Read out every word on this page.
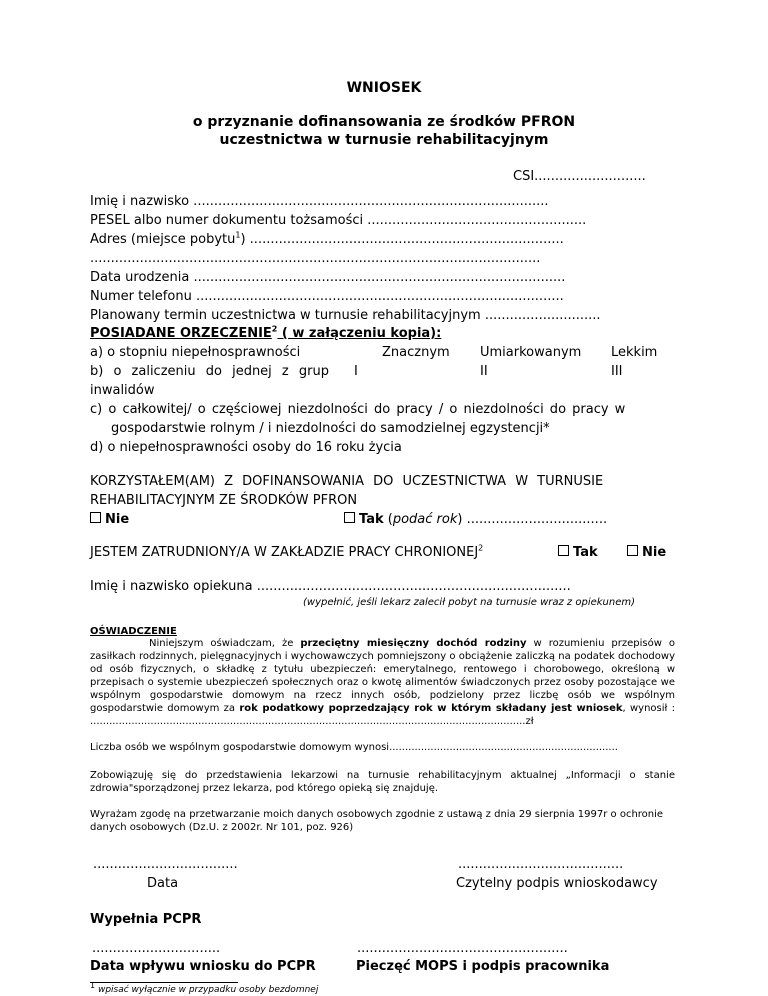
WNIOSEK
o przyznanie dofinansowania ze środków PFRON
uczestnictwa w turnusie rehabilitacyjnym
CSI...........................
Imię i nazwisko ......................................................................................
PESEL albo numer dokumentu tożsamości .....................................................
Adres (miejsce pobytu$^1$) ............................................................................
.............................................................................................................
Data urodzenia ..........................................................................................
Numer telefonu .........................................................................................
Planowany termin uczestnictwa w turnusie rehabilitacyjnym ............................
POSIADANE ORZECZENIE$^2$ ( w załączeniu kopia):
a) o stopniu niepełnosprawności	Znacznym Umiarkowanym Lekkim
b) o zaliczeniu do jednej z grup I	II	III
inwalidów
c) o całkowitej/ o częściowej niezdolności do pracy / o niezdolności do pracy w
gospodarstwie rolnym / i niezdolności do samodzielnej egzystencji*
d) o niepełnosprawności osoby do 16 roku życia
KORZYSTAŁEM(AM) Z DOFINANSOWANIA DO UCZESTNICTWA W TURNUSIE
REHABILITACYJNYM ZE ŚRODKÓW PFRON
Nie	Tak (podać rok) ..................................
JESTEM ZATRUDNIONY/A W ZAKŁADZIE PRACY CHRONIONEJ$^2$	Tak	Nie
Imię i nazwisko opiekuna ............................................................................
(wypełnić, jeśli lekarz zalecił pobyt na turnusie wraz z opiekunem)
OŚWIADCZENIE
Niniejszym oświadczam, że przeciętny miesięczny dochód rodziny w rozumieniu przepisów o zasiłkach rodzinnych, pielęgnacyjnych i wychowawczych pomniejszony o obciążenie zaliczką na podatek dochodowy od osób fizycznych, o składkę z tytułu ubezpieczeń: emerytalnego, rentowego i chorobowego, określoną w przepisach o systemie ubezpieczeń społecznych oraz o kwotę alimentów świadczonych przez osoby pozostające we wspólnym gospodarstwie domowym na rzecz innych osób, podzielony przez liczbę osób we wspólnym gospodarstwie domowym za rok podatkowy poprzedzający rok w którym składany jest wniosek, wynosił : .........................................................................................................................................zł
Liczba osób we wspólnym gospodarstwie domowym wynosi........................................................................
Zobowiązuję się do przedstawienia lekarzowi na turnusie rehabilitacyjnym aktualnej „Informacji o stanie zdrowia"sporządzonej przez lekarza, pod którego opieką się znajduję.
Wyrażam zgodę na przetwarzanie moich danych osobowych zgodnie z ustawą z dnia 29 sierpnia 1997r o ochronie danych osobowych (Dz.U. z 2002r. Nr 101, poz. 926)
...................................
Data
........................................
Czytelny podpis wnioskodawcy
Wypełnia PCPR
...............................
Data wpływu wniosku do PCPR
...................................................
Pieczęć MOPS i podpis pracownika
$^1$ wpisać wyłącznie w przypadku osoby bezdomnej
